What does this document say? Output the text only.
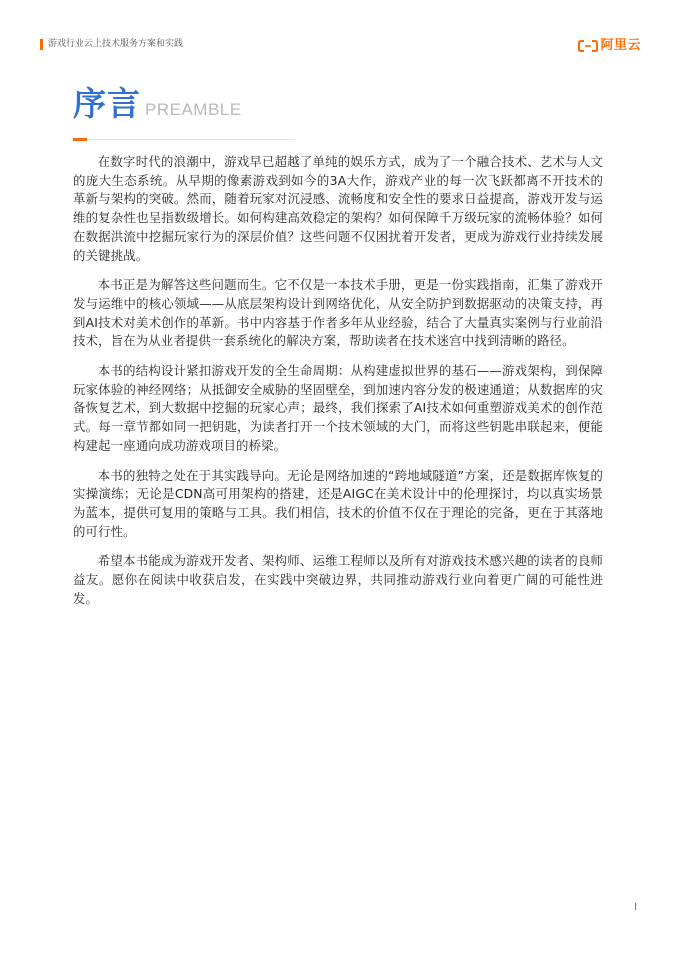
游戏行业云上技术服务方案和实践	阿里云
序言 PREAMBLE

在数字时代的浪潮中，游戏早已超越了单纯的娱乐方式，成为了一个融合技术、艺术与人文的庞大生态系统。从早期的像素游戏到如今的3A大作，游戏产业的每一次飞跃都离不开技术的革新与架构的突破。然而，随着玩家对沉浸感、流畅度和安全性的要求日益提高，游戏开发与运维的复杂性也呈指数级增长。如何构建高效稳定的架构？如何保障千万级玩家的流畅体验？如何在数据洪流中挖掘玩家行为的深层价值？这些问题不仅困扰着开发者，更成为游戏行业持续发展的关键挑战。

本书正是为解答这些问题而生。它不仅是一本技术手册，更是一份实践指南，汇集了游戏开发与运维中的核心领域——从底层架构设计到网络优化，从安全防护到数据驱动的决策支持，再到AI技术对美术创作的革新。书中内容基于作者多年从业经验，结合了大量真实案例与行业前沿技术，旨在为从业者提供一套系统化的解决方案，帮助读者在技术迷宫中找到清晰的路径。

本书的结构设计紧扣游戏开发的全生命周期：从构建虚拟世界的基石——游戏架构，到保障玩家体验的神经网络；从抵御安全威胁的坚固壁垒，到加速内容分发的极速通道；从数据库的灾备恢复艺术，到大数据中挖掘的玩家心声；最终，我们探索了AI技术如何重塑游戏美术的创作范式。每一章节都如同一把钥匙，为读者打开一个技术领域的大门，而将这些钥匙串联起来，便能构建起一座通向成功游戏项目的桥梁。

本书的独特之处在于其实践导向。无论是网络加速的“跨地域隧道”方案，还是数据库恢复的实操演练；无论是CDN高可用架构的搭建，还是AIGC在美术设计中的伦理探讨，均以真实场景为蓝本，提供可复用的策略与工具。我们相信，技术的价值不仅在于理论的完备，更在于其落地的可行性。

希望本书能成为游戏开发者、架构师、运维工程师以及所有对游戏技术感兴趣的读者的良师益友。愿你在阅读中收获启发，在实践中突破边界，共同推动游戏行业向着更广阔的可能性进发。

I
